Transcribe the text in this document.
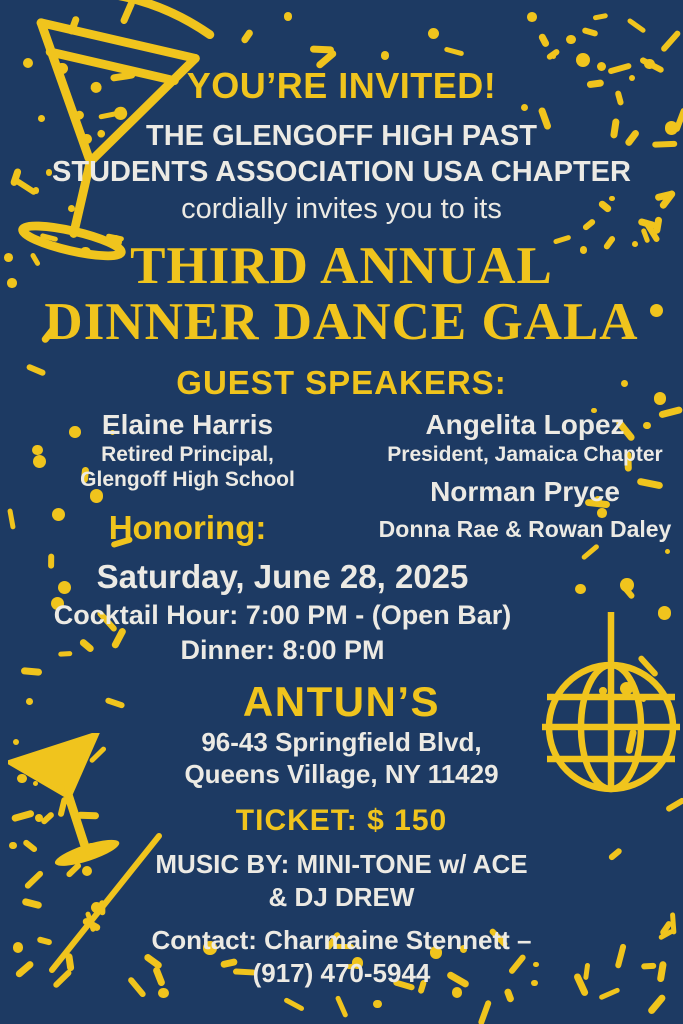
YOU’RE INVITED!
THE GLENGOFF HIGH PAST
STUDENTS ASSOCIATION USA CHAPTER
cordially invites you to its
THIRD ANNUAL
DINNER DANCE GALA
GUEST SPEAKERS:
Elaine Harris
Retired Principal,
Glengoff High School
Honoring:
Angelita Lopez
President, Jamaica Chapter
Norman Pryce
Donna Rae & Rowan Daley
Saturday, June 28, 2025
Cocktail Hour: 7:00 PM - (Open Bar)
Dinner: 8:00 PM
ANTUN’S
96-43 Springfield Blvd,
Queens Village, NY 11429
TICKET: $ 150
MUSIC BY: MINI-TONE w/ ACE
& DJ DREW
Contact: Charmaine Stennett –
(917) 470-5944
